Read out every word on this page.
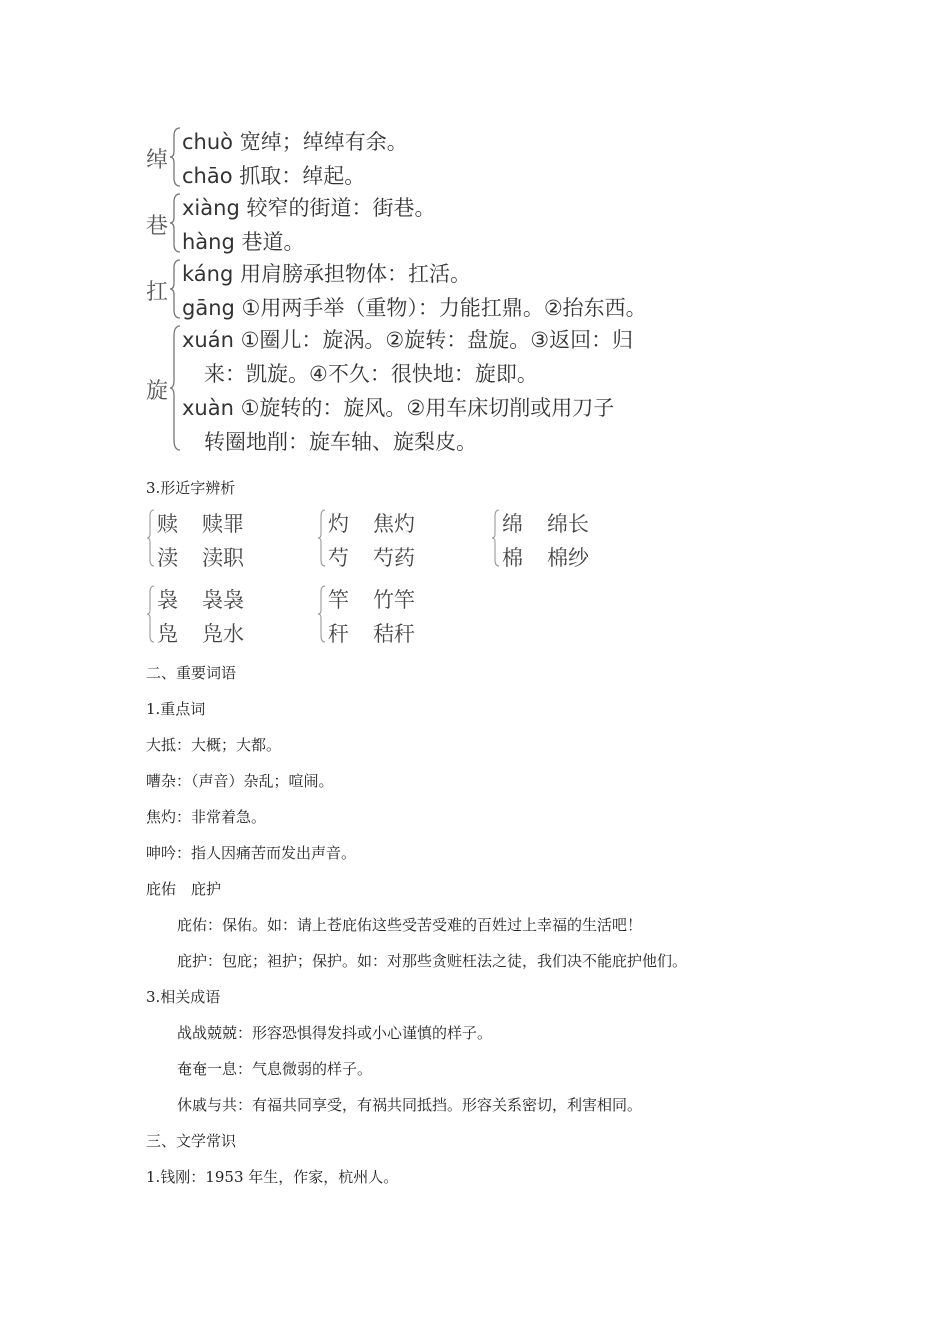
绰
chuò 宽绰；绰绰有余。
chāo 抓取：绰起。
巷
xiàng 较窄的街道：街巷。
hàng 巷道。
扛
káng 用肩膀承担物体：扛活。
gāng ①用两手举（重物）：力能扛鼎。②抬东西。
旋
xuán ①圈儿：旋涡。②旋转：盘旋。③返回：归
来：凯旋。④不久：很快地：旋即。
xuàn ①旋转的：旋风。②用车床切削或用刀子
转圈地削：旋车轴、旋梨皮。
3.形近字辨析
赎 赎罪
渎 渎职
灼 焦灼
芍 芍药
绵 绵长
棉 棉纱
袅 袅袅
凫 凫水
竿 竹竿
秆 秸秆
二、重要词语
1.重点词
大抵：大概；大都。
嘈杂：（声音）杂乱；喧闹。
焦灼：非常着急。
呻吟：指人因痛苦而发出声音。
庇佑　庇护
庇佑：保佑。如：请上苍庇佑这些受苦受难的百姓过上幸福的生活吧！
庇护：包庇；袒护；保护。如：对那些贪赃枉法之徒，我们决不能庇护他们。
3.相关成语
战战兢兢：形容恐惧得发抖或小心谨慎的样子。
奄奄一息：气息微弱的样子。
休戚与共：有福共同享受，有祸共同抵挡。形容关系密切，利害相同。
三、文学常识
1.钱刚：1953 年生，作家，杭州人。
